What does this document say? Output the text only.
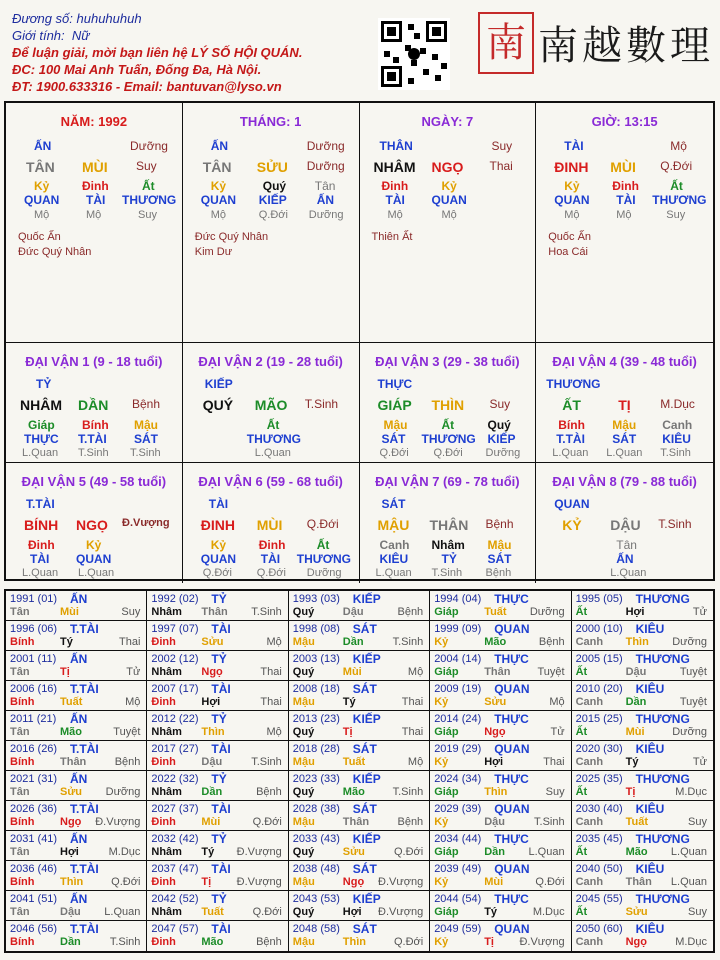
Đương số: huhuhuhuh
Giới tính: Nữ
Để luận giải, mời bạn liên hệ LÝ SỐ HỘI QUÁN.
ĐC: 100 Mai Anh Tuấn, Đống Đa, Hà Nội.
ĐT: 1900.633316 - Email: bantuvan@lyso.vn
南 南越數理
NĂM: 1992
ẤN	Dưỡng
TÂN MÙI Suy
Kỷ	Đinh	Ất
QUAN TÀI THƯƠNG
Mộ	Mộ	Suy
Quốc Ấn
Đức Quý Nhân
THÁNG: 1
ẤN	Dưỡng
TÂN SỬU Dưỡng
Kỷ	Quý Tân
QUAN KIẾP ẤN
Mộ	Q.Đới Dưỡng
Đức Quý Nhân
Kim Dư
NGÀY: 7
THÂN	Suy
NHÂM NGỌ Thai
Đinh	Kỷ
TÀI QUAN
Mộ	Mộ
Thiên Ất
GIỜ: 13:15
TÀI	Mộ
ĐINH MÙI Q.Đới
Kỷ	Đinh	Ất
QUAN TÀI THƯƠNG
Mộ	Mộ	Suy
Quốc Ấn
Hoa Cái
ĐẠI VẬN 1 (9 - 18 tuổi)
TỶ
NHÂM DẦN Bệnh
Giáp Bính Mậu
THỰC T.TÀI SÁT
L.Quan T.Sinh T.Sinh
ĐẠI VẬN 2 (19 - 28 tuổi)
KIẾP
QUÝ MÃO T.Sinh
Ất
THƯƠNG
L.Quan
ĐẠI VẬN 3 (29 - 38 tuổi)
THỰC
GIÁP THÌN Suy
Mậu	Ất	Quý
SÁT THƯƠNG KIẾP
Q.Đới Q.Đới Dưỡng
ĐẠI VẬN 4 (39 - 48 tuổi)
THƯƠNG
ẤT	TỊ M.Dục
Bính Mậu Canh
T.TÀI SÁT KIÊU
L.Quan L.Quan T.Sinh
ĐẠI VẬN 5 (49 - 58 tuổi)
T.TÀI
BÍNH NGỌ Đ.Vượng
Đinh	Kỷ
TÀI QUAN
L.Quan L.Quan
ĐẠI VẬN 6 (59 - 68 tuổi)
TÀI
ĐINH MÙI Q.Đới
Kỷ	Đinh	Ất
QUAN TÀI THƯƠNG
Q.Đới Q.Đới Dưỡng
ĐẠI VẬN 7 (69 - 78 tuổi)
SÁT
MẬU THÂN Bệnh
Canh Nhâm Mậu
KIÊU	TỶ	SÁT
L.Quan T.Sinh Bệnh
ĐẠI VẬN 8 (79 - 88 tuổi)
QUAN
KỶ DẬU T.Sinh
Tân
ẤN
L.Quan
1991 (01) ẤN
Tân	Mùi	Suy
1992 (02) TỶ
Nhâm Thân T.Sinh
1993 (03) KIẾP
Quý	Dậu	Bệnh
1994 (04) THỰC
Giáp Tuất Dưỡng
1995 (05) THƯƠNG
Ất	Hợi	Tử
1996 (06) T.TÀI
Bính Tý	Thai
1997 (07) TÀI
Đinh Sửu	Mộ
1998 (08) SÁT
Mậu	Dần	T.Sinh
1999 (09) QUAN
Kỷ	Mão	Bệnh
2000 (10) KIÊU
Canh Thìn Dưỡng
2001 (11) ẤN
Tân	Tị	Tử
2002 (12) TỶ
Nhâm Ngọ	Thai
2003 (13) KIẾP
Quý	Mùi	Mộ
2004 (14) THỰC
Giáp Thân Tuyệt
2005 (15) THƯƠNG
Ất	Dậu	Tuyệt
2006 (16) T.TÀI
Bính Tuất	Mộ
2007 (17) TÀI
Đinh Hợi	Thai
2008 (18) SÁT
Mậu	Tý	Thai
2009 (19) QUAN
Kỷ	Sửu	Mộ
2010 (20) KIÊU
Canh Dần	Tuyệt
2011 (21) ẤN
Tân	Mão	Tuyệt
2012 (22) TỶ
Nhâm Thìn	Mộ
2013 (23) KIẾP
Quý	Tị	Thai
2014 (24) THỰC
Giáp Ngọ	Tử
2015 (25) THƯƠNG
Ất	Mùi	Dưỡng
2016 (26) T.TÀI
Bính Thân	Bệnh
2017 (27) TÀI
Đinh Dậu	T.Sinh
2018 (28) SÁT
Mậu	Tuất	Mộ
2019 (29) QUAN
Kỷ	Hợi	Thai
2020 (30) KIÊU
Canh Tý	Tử
2021 (31) ẤN
Tân	Sửu Dưỡng
2022 (32) TỶ
Nhâm Dần	Bệnh
2023 (33) KIẾP
Quý	Mão	T.Sinh
2024 (34) THỰC
Giáp Thìn	Suy
2025 (35) THƯƠNG
Ất	Tị	M.Dục
2026 (36) T.TÀI
Bính Ngọ Đ.Vượng
2027 (37) TÀI
Đinh Mùi	Q.Đới
2028 (38) SÁT
Mậu	Thân	Bệnh
2029 (39) QUAN
Kỷ	Dậu	T.Sinh
2030 (40) KIÊU
Canh Tuất	Suy
2031 (41) ẤN
Tân	Hợi	M.Dục
2032 (42) TỶ
Nhâm Tý Đ.Vượng
2033 (43) KIẾP
Quý	Sửu	Q.Đới
2034 (44) THỰC
Giáp Dần L.Quan
2035 (45) THƯƠNG
Ất	Mão L.Quan
2036 (46) T.TÀI
Bính Thìn	Q.Đới
2037 (47) TÀI
Đinh Tị Đ.Vượng
2038 (48) SÁT
Mậu	Ngọ Đ.Vượng
2039 (49) QUAN
Kỷ	Mùi	Q.Đới
2040 (50) KIÊU
Canh Thân L.Quan
2041 (51) ẤN
Tân	Dậu L.Quan
2042 (52) TỶ
Nhâm Tuất	Q.Đới
2043 (53) KIẾP
Quý	Hợi Đ.Vượng
2044 (54) THỰC
Giáp Tý	M.Dục
2045 (55) THƯƠNG
Ất	Sửu	Suy
2046 (56) T.TÀI
Bính Dần	T.Sinh
2047 (57) TÀI
Đinh Mão	Bệnh
2048 (58) SÁT
Mậu	Thìn	Q.Đới
2049 (59) QUAN
Kỷ	Tị Đ.Vượng
2050 (60) KIÊU
Canh Ngọ	M.Dục
